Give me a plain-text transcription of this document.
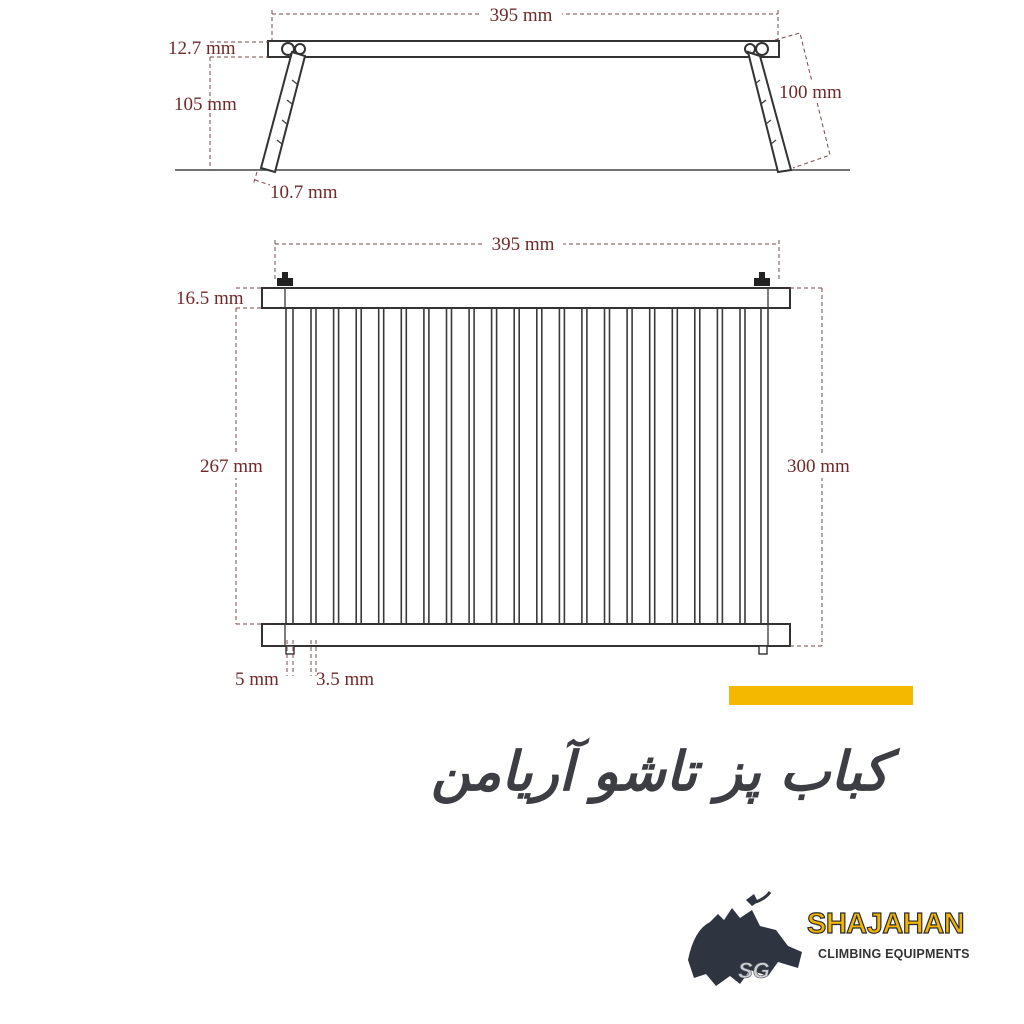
395 mm
12.7 mm
105 mm
10.7 mm
100 mm
395 mm
16.5 mm
267 mm	300 mm
5 mm 3.5 mm
کباب پز تاشو آریامن
SG
SHAJAHAN
CLIMBING EQUIPMENTS
